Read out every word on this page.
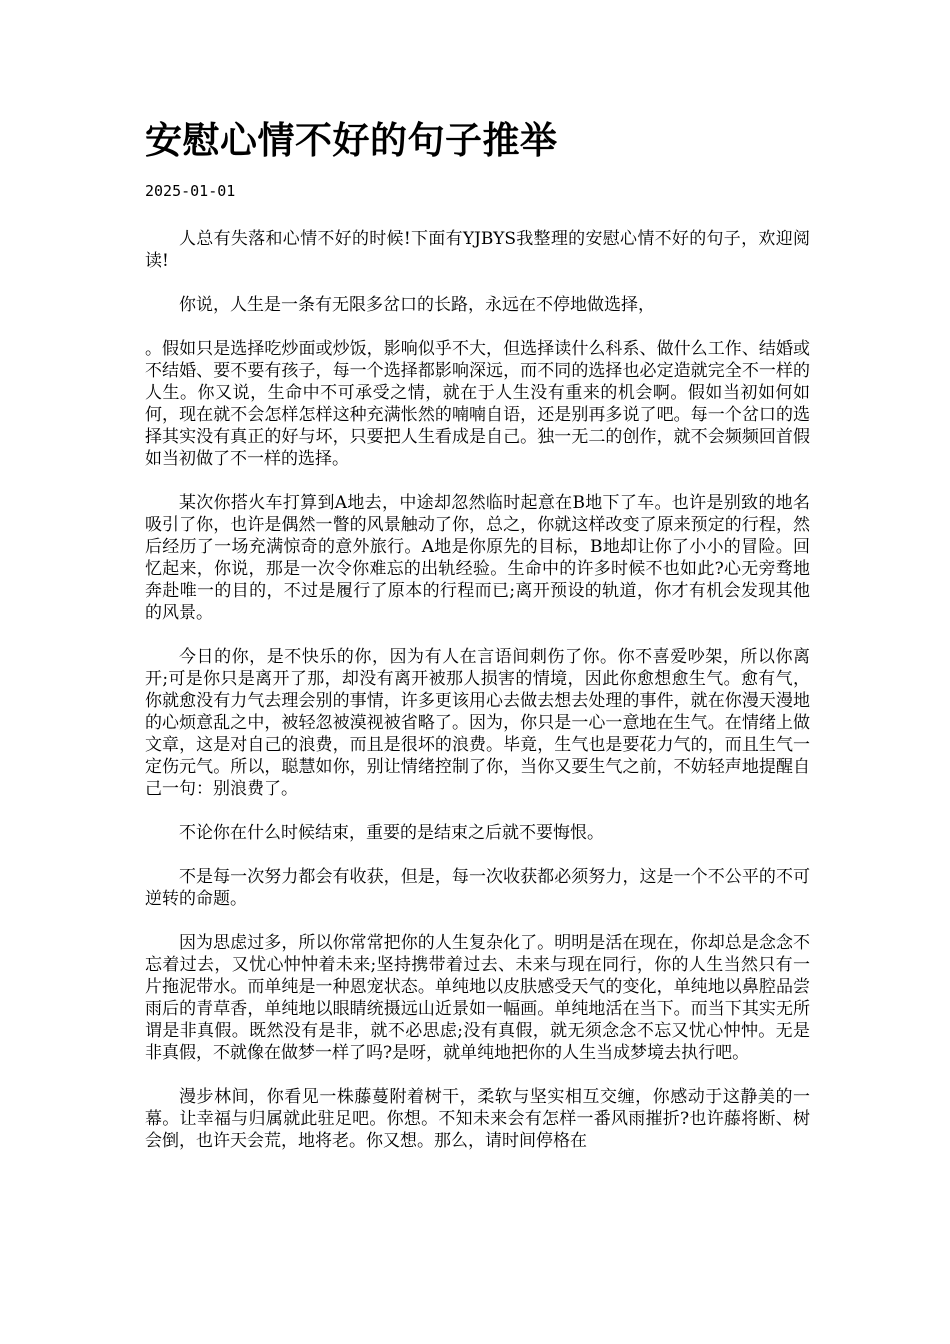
安慰心情不好的句子推举
2025-01-01

人总有失落和心情不好的时候!下面有YJBYS我整理的安慰心情不好的句子，欢迎阅读!

你说，人生是一条有无限多岔口的长路，永远在不停地做选择，

。假如只是选择吃炒面或炒饭，影响似乎不大，但选择读什么科系、做什么工作、结婚或不结婚、要不要有孩子，每一个选择都影响深远，而不同的选择也必定造就完全不一样的人生。你又说，生命中不可承受之情，就在于人生没有重来的机会啊。假如当初如何如何，现在就不会怎样怎样这种充满怅然的喃喃自语，还是别再多说了吧。每一个岔口的选择其实没有真正的好与坏，只要把人生看成是自己。独一无二的创作，就不会频频回首假如当初做了不一样的选择。

某次你搭火车打算到A地去，中途却忽然临时起意在B地下了车。也许是别致的地名吸引了你，也许是偶然一瞥的风景触动了你，总之，你就这样改变了原来预定的行程，然后经历了一场充满惊奇的意外旅行。A地是你原先的目标，B地却让你了小小的冒险。回忆起来，你说，那是一次令你难忘的出轨经验。生命中的许多时候不也如此?心无旁骛地奔赴唯一的目的，不过是履行了原本的行程而已;离开预设的轨道，你才有机会发现其他的风景。

今日的你，是不快乐的你，因为有人在言语间刺伤了你。你不喜爱吵架，所以你离开;可是你只是离开了那，却没有离开被那人损害的情境，因此你愈想愈生气。愈有气，你就愈没有力气去理会别的事情，许多更该用心去做去想去处理的事件，就在你漫天漫地的心烦意乱之中，被轻忽被漠视被省略了。因为，你只是一心一意地在生气。在情绪上做文章，这是对自己的浪费，而且是很坏的浪费。毕竟，生气也是要花力气的，而且生气一定伤元气。所以，聪慧如你，别让情绪控制了你，当你又要生气之前，不妨轻声地提醒自己一句：别浪费了。

不论你在什么时候结束，重要的是结束之后就不要悔恨。

不是每一次努力都会有收获，但是，每一次收获都必须努力，这是一个不公平的不可逆转的命题。

因为思虑过多，所以你常常把你的人生复杂化了。明明是活在现在，你却总是念念不忘着过去，又忧心忡忡着未来;坚持携带着过去、未来与现在同行，你的人生当然只有一片拖泥带水。而单纯是一种恩宠状态。单纯地以皮肤感受天气的变化，单纯地以鼻腔品尝雨后的青草香，单纯地以眼睛统摄远山近景如一幅画。单纯地活在当下。而当下其实无所谓是非真假。既然没有是非，就不必思虑;没有真假，就无须念念不忘又忧心忡忡。无是非真假，不就像在做梦一样了吗?是呀，就单纯地把你的人生当成梦境去执行吧。

漫步林间，你看见一株藤蔓附着树干，柔软与坚实相互交缠，你感动于这静美的一幕。让幸福与归属就此驻足吧。你想。不知未来会有怎样一番风雨摧折?也许藤将断、树会倒，也许天会荒，地将老。你又想。那么，请时间停格在
